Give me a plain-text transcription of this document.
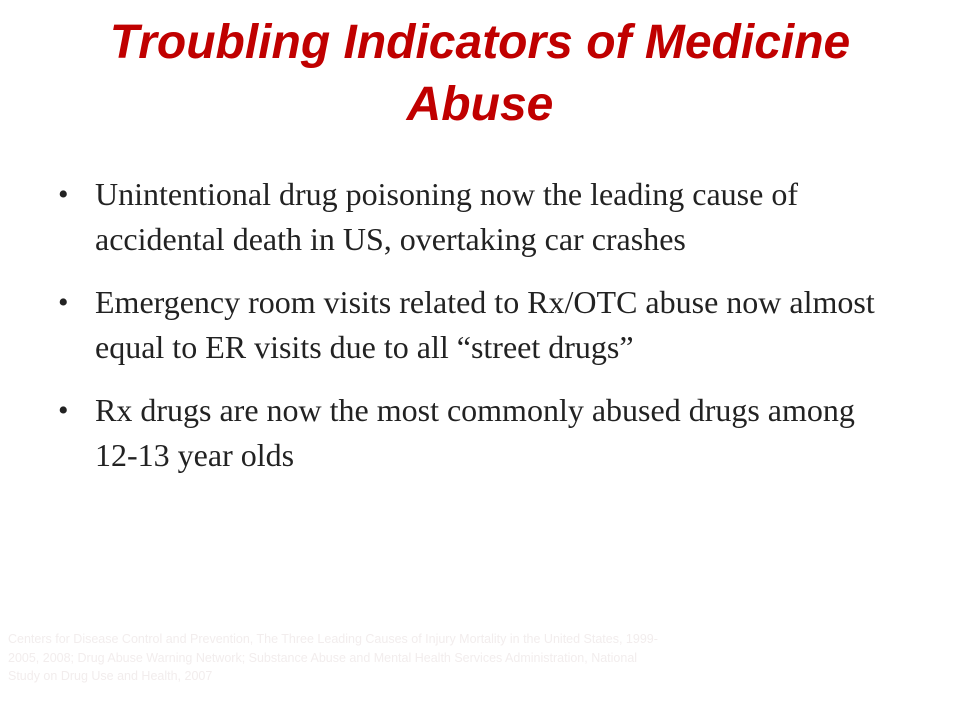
Troubling Indicators of Medicine Abuse
• Unintentional drug poisoning now the leading cause of accidental death in US, overtaking car crashes
• Emergency room visits related to Rx/OTC abuse now almost equal to ER visits due to all “street drugs”
• Rx drugs are now the most commonly abused drugs among 12-13 year olds

Centers for Disease Control and Prevention, The Three Leading Causes of Injury Mortality in the United States, 1999-2005, 2008; Drug Abuse Warning Network; Substance Abuse and Mental Health Services Administration, National Study on Drug Use and Health, 2007
